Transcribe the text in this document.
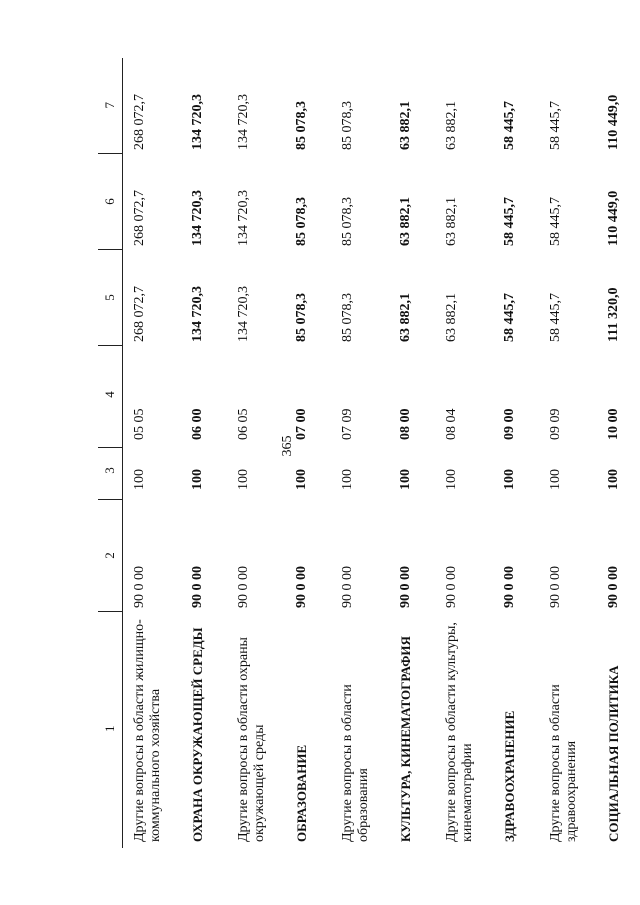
365
1	2	3	4	5	6	7
Другие вопросы в области жилищно-коммунального хозяйства	90 0 00	100	05 05	268 072,7	268 072,7	268 072,7
ОХРАНА ОКРУЖАЮЩЕЙ СРЕДЫ	90 0 00	100	06 00	134 720,3	134 720,3	134 720,3
Другие вопросы в области охраны окружающей среды	90 0 00	100	06 05	134 720,3	134 720,3	134 720,3
ОБРАЗОВАНИЕ	90 0 00	100	07 00	85 078,3	85 078,3	85 078,3
Другие вопросы в области образования	90 0 00	100	07 09	85 078,3	85 078,3	85 078,3
КУЛЬТУРА, КИНЕМАТОГРАФИЯ	90 0 00	100	08 00	63 882,1	63 882,1	63 882,1
Другие вопросы в области культуры, кинематографии	90 0 00	100	08 04	63 882,1	63 882,1	63 882,1
ЗДРАВООХРАНЕНИЕ	90 0 00	100	09 00	58 445,7	58 445,7	58 445,7
Другие вопросы в области здравоохранения	90 0 00	100	09 09	58 445,7	58 445,7	58 445,7
СОЦИАЛЬНАЯ ПОЛИТИКА	90 0 00	100	10 00	111 320,0	110 449,0	110 449,0
